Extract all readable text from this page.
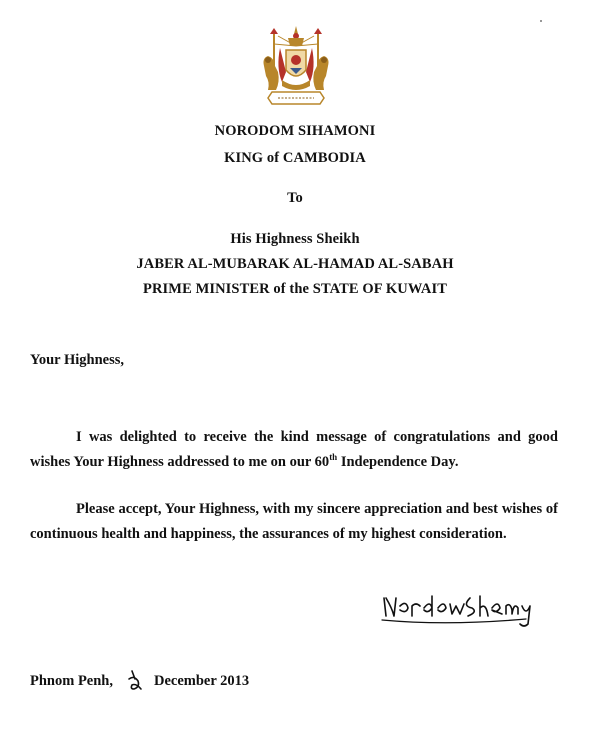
NORODOM SIHAMONI
KING of CAMBODIA
To
His Highness Sheikh
JABER AL-MUBARAK AL-HAMAD AL-SABAH
PRIME MINISTER of the STATE OF KUWAIT
Your Highness,
I was delighted to receive the kind message of congratulations and good wishes Your Highness addressed to me on our 60th Independence Day.
Please accept, Your Highness, with my sincere appreciation and best wishes of continuous health and happiness, the assurances of my highest consideration.
Phnom Penh,	December 2013
